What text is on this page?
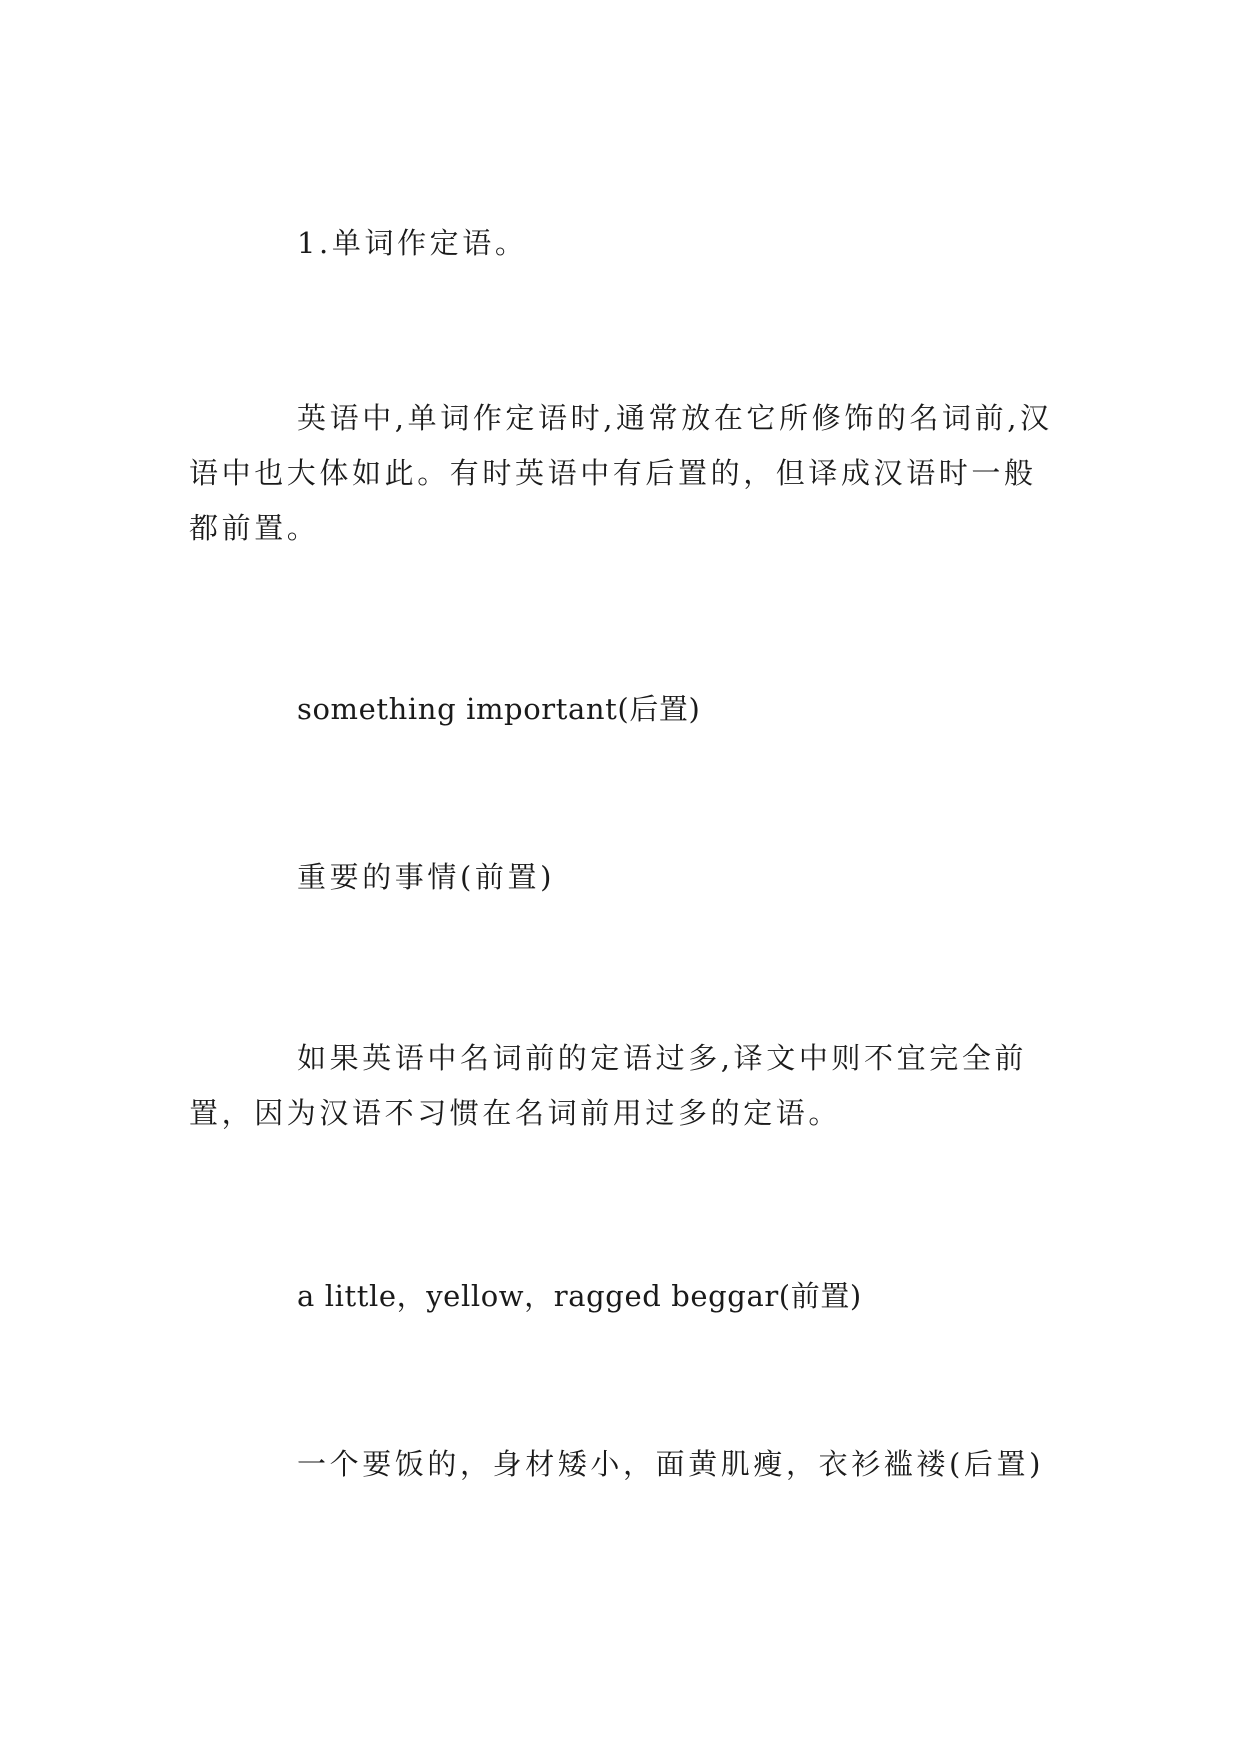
1.单词作定语。

英语中,单词作定语时,通常放在它所修饰的名词前,汉语中也大体如此。有时英语中有后置的，但译成汉语时一般都前置。

something important(后置)

重要的事情(前置)

如果英语中名词前的定语过多,译文中则不宜完全前置，因为汉语不习惯在名词前用过多的定语。

a little，yellow，ragged beggar(前置)

一个要饭的，身材矮小，面黄肌瘦，衣衫褴褛(后置)
